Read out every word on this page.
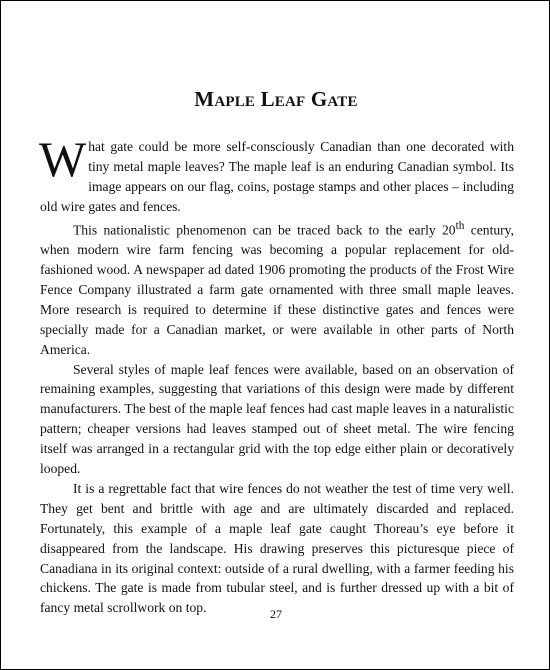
Maple Leaf Gate

What gate could be more self-consciously Canadian than one decorated with tiny metal maple leaves? The maple leaf is an enduring Canadian symbol. Its image appears on our flag, coins, postage stamps and other places – including old wire gates and fences.

This nationalistic phenomenon can be traced back to the early 20th century, when modern wire farm fencing was becoming a popular replacement for old-fashioned wood. A newspaper ad dated 1906 promoting the products of the Frost Wire Fence Company illustrated a farm gate ornamented with three small maple leaves. More research is required to determine if these distinctive gates and fences were specially made for a Canadian market, or were available in other parts of North America.

Several styles of maple leaf fences were available, based on an observation of remaining examples, suggesting that variations of this design were made by different manufacturers. The best of the maple leaf fences had cast maple leaves in a naturalistic pattern; cheaper versions had leaves stamped out of sheet metal. The wire fencing itself was arranged in a rectangular grid with the top edge either plain or decoratively looped.

It is a regrettable fact that wire fences do not weather the test of time very well. They get bent and brittle with age and are ultimately discarded and replaced. Fortunately, this example of a maple leaf gate caught Thoreau’s eye before it disappeared from the landscape. His drawing preserves this picturesque piece of Canadiana in its original context: outside of a rural dwelling, with a farmer feeding his chickens. The gate is made from tubular steel, and is further dressed up with a bit of fancy metal scrollwork on top.	27
